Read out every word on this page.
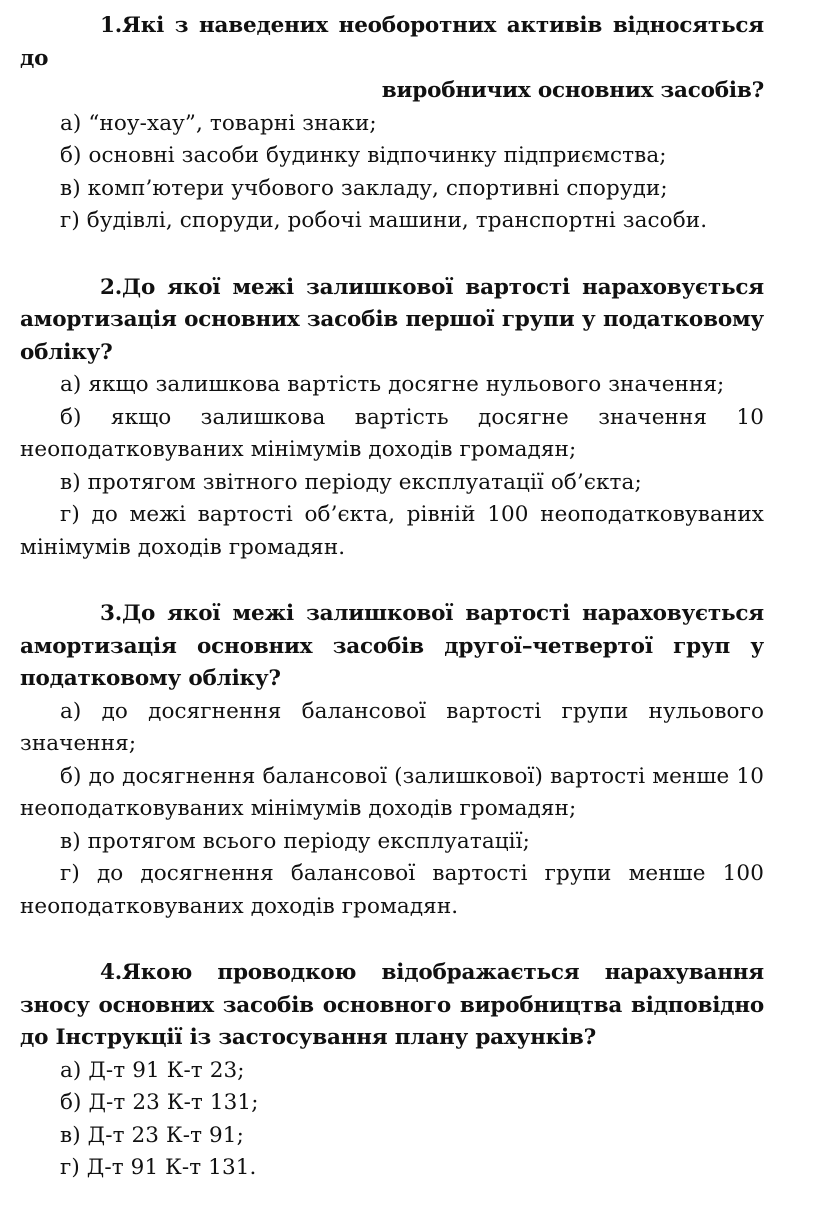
1.Які з наведених необоротних активів відносяться до
виробничих основних засобів?
а) “ноу-хау”, товарні знаки;
б) основні засоби будинку відпочинку підприємства;
в) комп’ютери учбового закладу, спортивні споруди;
г) будівлі, споруди, робочі машини, транспортні засоби.
2.До якої межі залишкової вартості нараховується амортизація основних засобів першої групи у податковому обліку?
а) якщо залишкова вартість досягне нульового значення;
б) якщо залишкова вартість досягне значення 10 неоподатковуваних мінімумів доходів громадян;
в) протягом звітного періоду експлуатації об’єкта;
г) до межі вартості об’єкта, рівній 100 неоподатковуваних мінімумів доходів громадян.
3.До якої межі залишкової вартості нараховується амортизація основних засобів другої–четвертої груп у податковому обліку?
а) до досягнення балансової вартості групи нульового значення;
б) до досягнення балансової (залишкової) вартості менше 10 неоподатковуваних мінімумів доходів громадян;
в) протягом всього періоду експлуатації;
г) до досягнення балансової вартості групи менше 100 неоподатковуваних доходів громадян.
4.Якою проводкою відображається нарахування зносу основних засобів основного виробництва відповідно до Інструкції із застосування плану рахунків?
а) Д-т 91 К-т 23;
б) Д-т 23 К-т 131;
в) Д-т 23 К-т 91;
г) Д-т 91 К-т 131.
